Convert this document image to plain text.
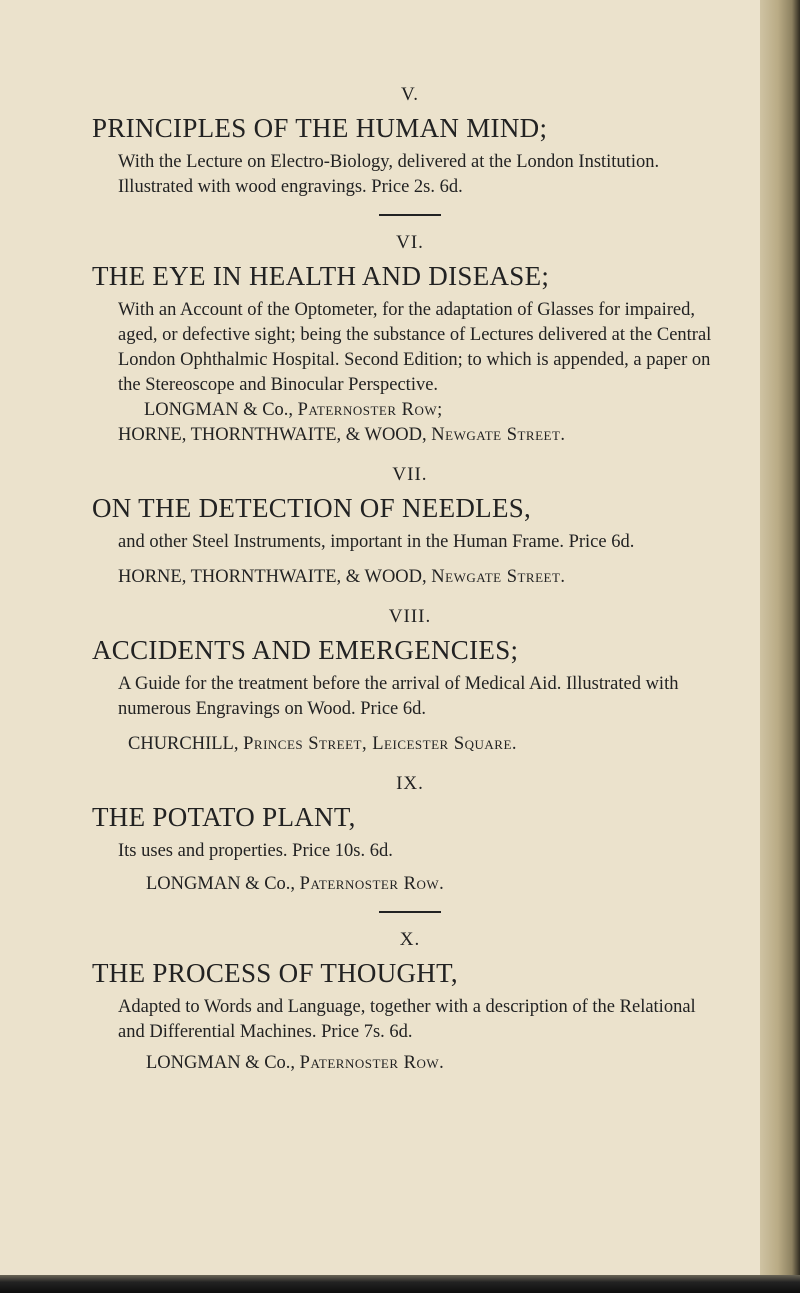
V.
PRINCIPLES OF THE HUMAN MIND;
With the Lecture on Electro-Biology, delivered at the London Institution. Illustrated with wood engravings. Price 2s. 6d.
VI.
THE EYE IN HEALTH AND DISEASE;
With an Account of the Optometer, for the adaptation of Glasses for impaired, aged, or defective sight; being the substance of Lectures delivered at the Central London Ophthalmic Hospital. Second Edition; to which is appended, a paper on the Stereoscope and Binocular Perspective.
LONGMAN & Co., Paternoster Row;
HORNE, THORNTHWAITE, & WOOD, Newgate Street.
VII.
ON THE DETECTION OF NEEDLES,
and other Steel Instruments, important in the Human Frame. Price 6d.
HORNE, THORNTHWAITE, & WOOD, Newgate Street.
VIII.
ACCIDENTS AND EMERGENCIES;
A Guide for the treatment before the arrival of Medical Aid. Illustrated with numerous Engravings on Wood. Price 6d.
CHURCHILL, Princes Street, Leicester Square.
IX.
THE POTATO PLANT,
Its uses and properties. Price 10s. 6d.
LONGMAN & Co., Paternoster Row.
X.
THE PROCESS OF THOUGHT,
Adapted to Words and Language, together with a description of the Relational and Differential Machines. Price 7s. 6d.
LONGMAN & Co., Paternoster Row.
